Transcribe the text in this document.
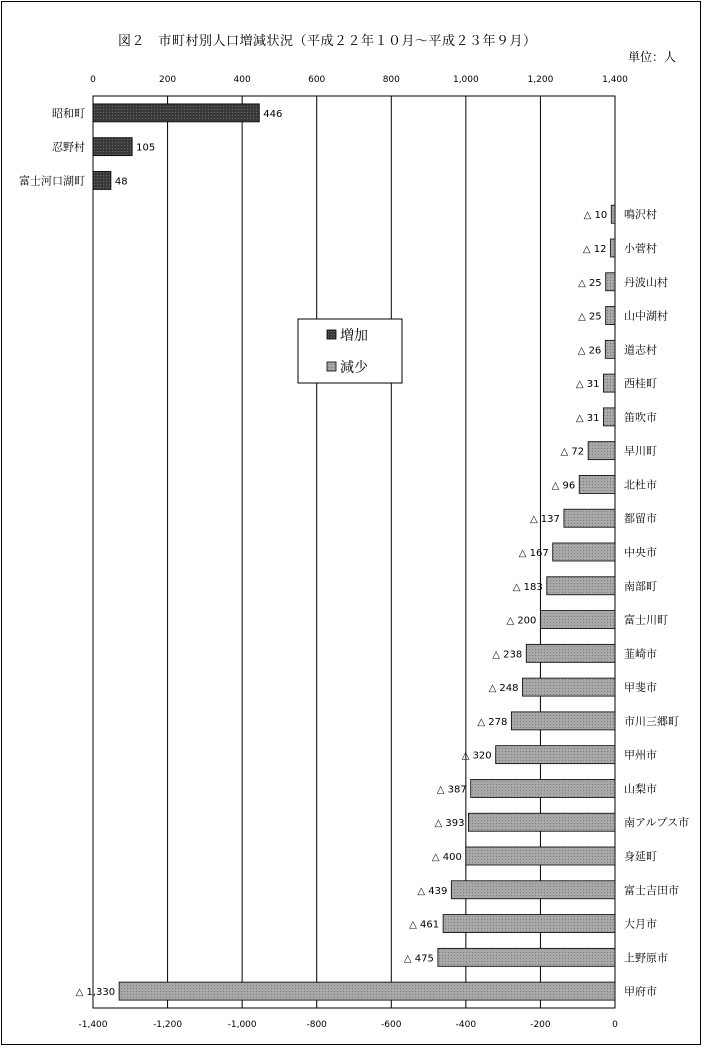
図２　市町村別人口増減状況（平成２２年１０月～平成２３年９月）
単位：人
0
-1,400
200
-1,200
400
-1,000
600
-800
800
-600
1,000
-400
1,200
-200
1,400
0
446
昭和町
105
忍野村
48
富士河口湖町
△ 10 鳴沢村
△ 12 小菅村
△ 25 丹波山村
△ 25 山中湖村
△ 26 道志村
△ 31 西桂町
△ 31 笛吹市
△ 72	早川町
△ 96	北杜市
△ 137	都留市
△ 167	中央市
△ 183	南部町
△ 200	富士川町
△ 238	韮崎市
△ 248	甲斐市
△ 278	市川三郷町
△ 320	甲州市
△ 387	山梨市
△ 393	南アルプス市
△ 400	身延町
△ 439	富士吉田市
△ 461	大月市
△ 475	上野原市
△ 1,330	甲府市
増加
減少
